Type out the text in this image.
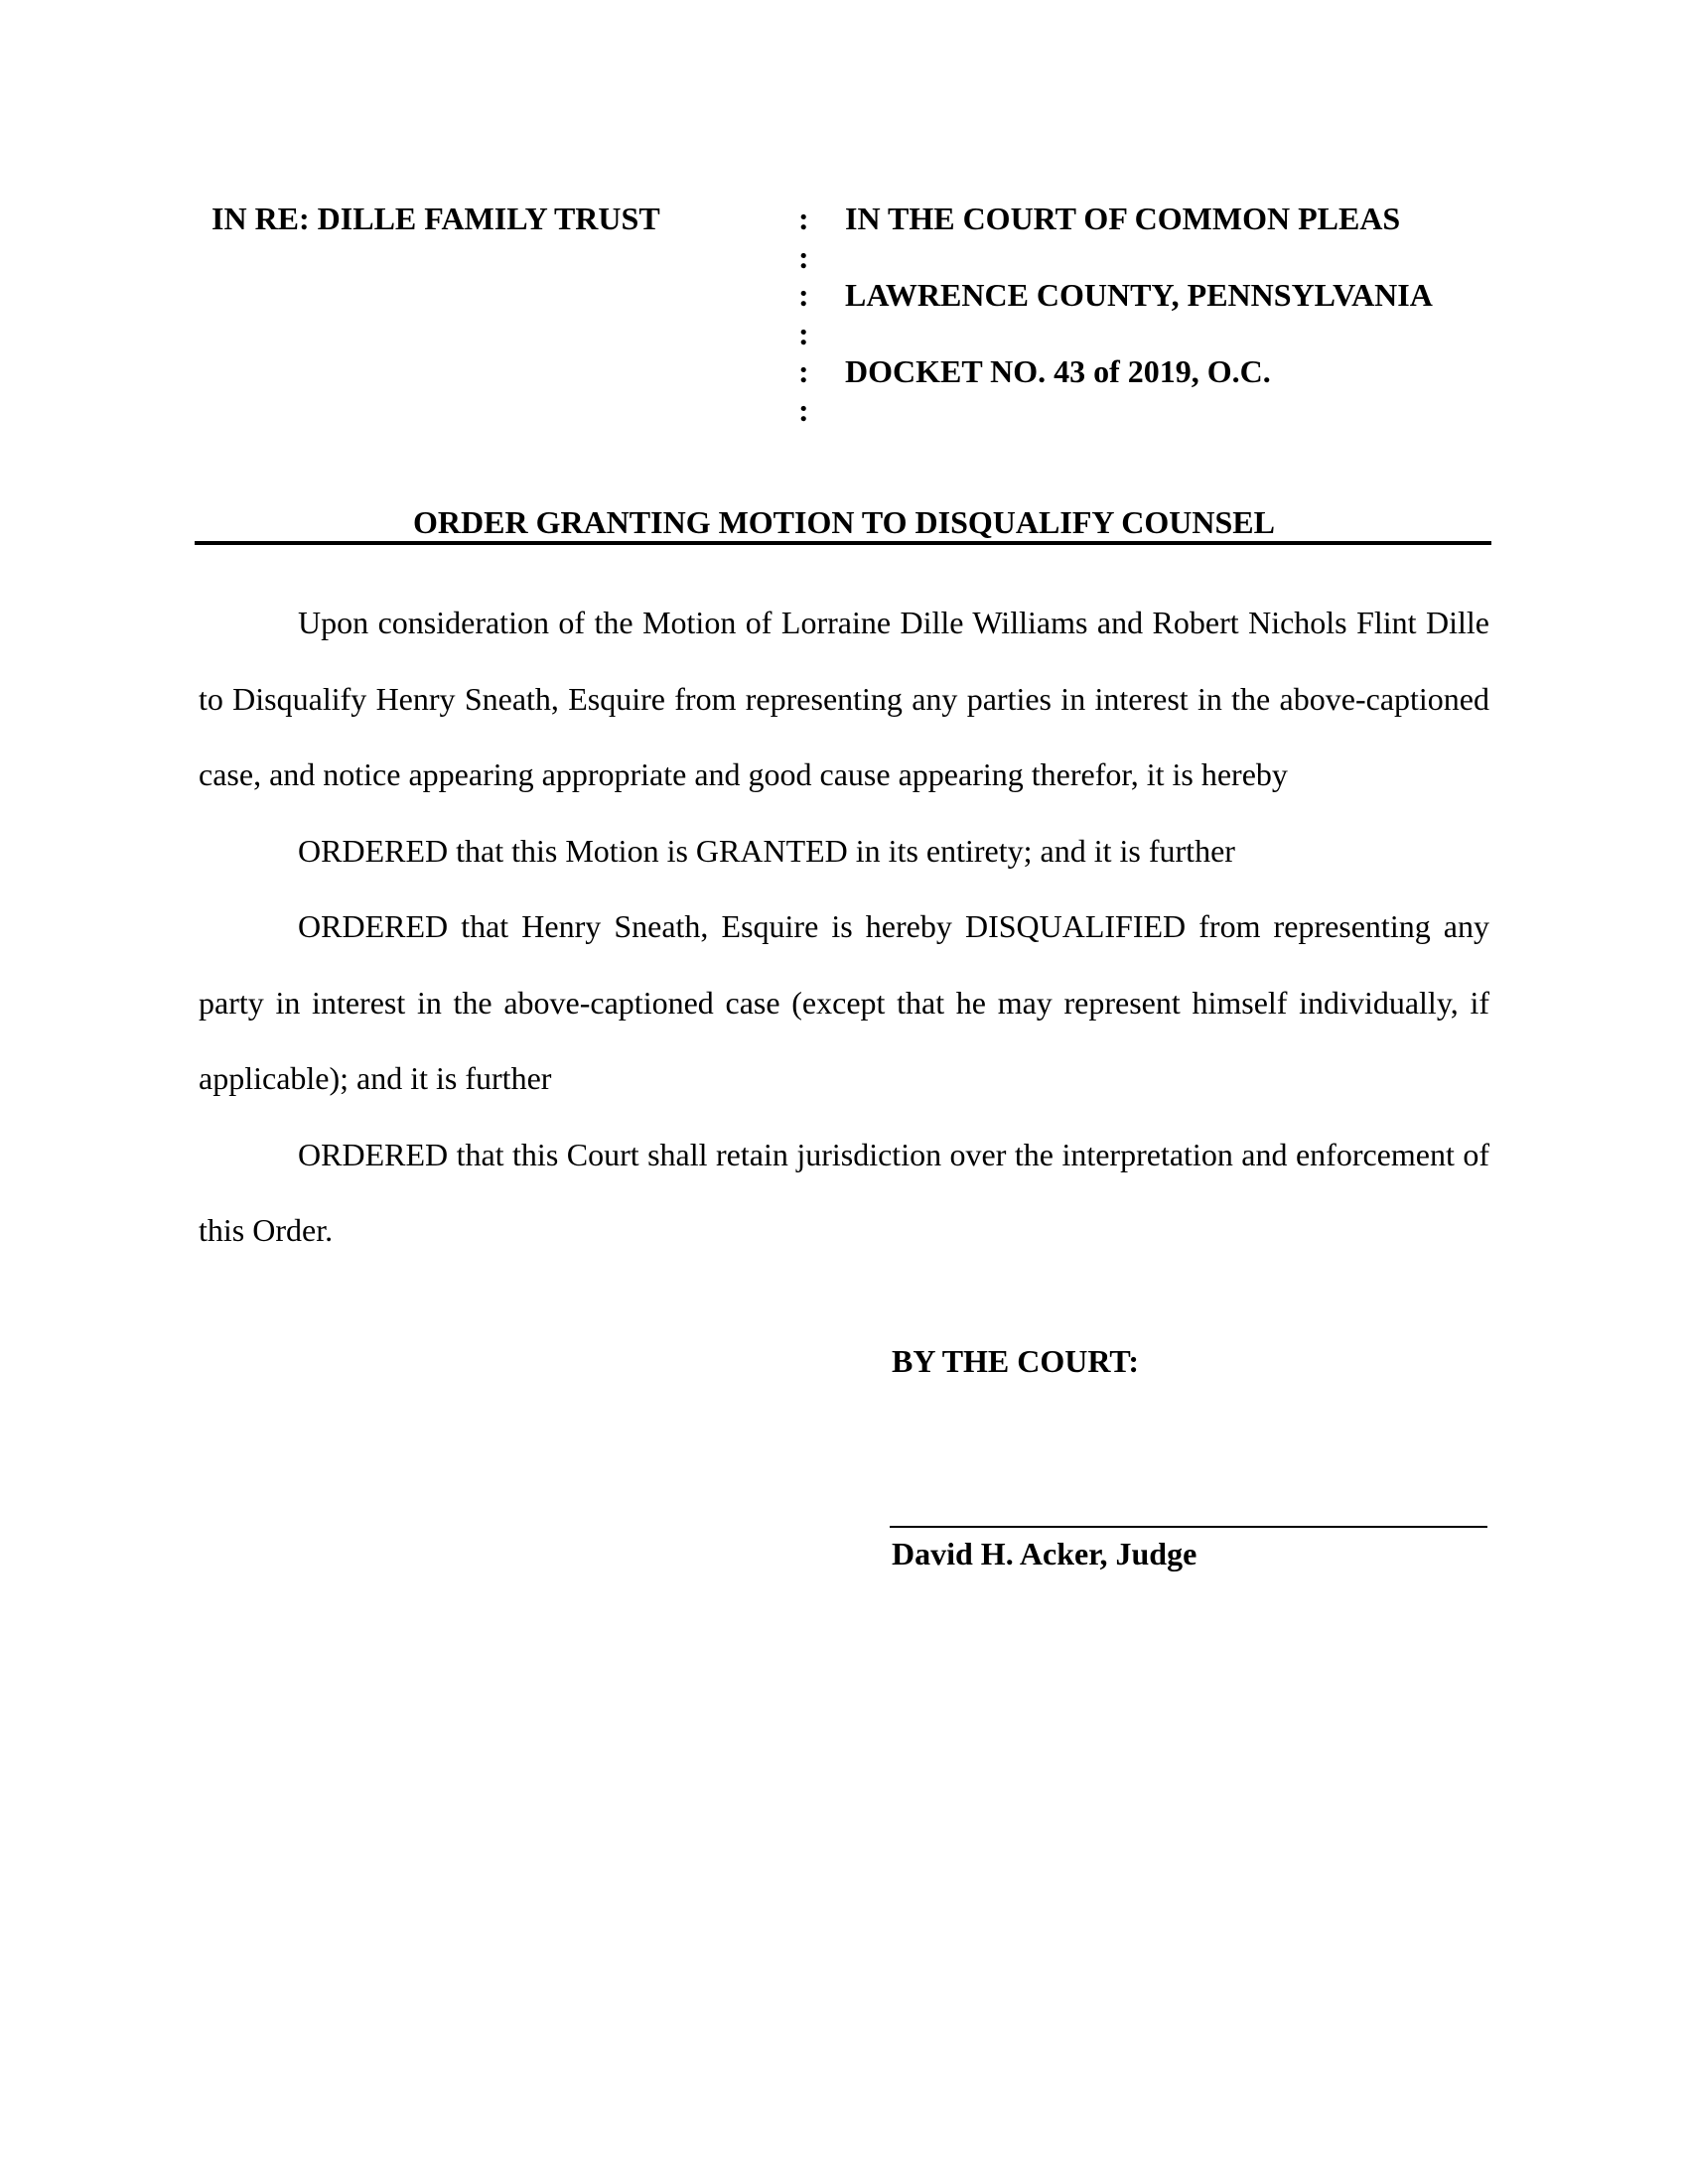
IN RE: DILLE FAMILY TRUST	:
:
:
:
:
:
IN THE COURT OF COMMON PLEAS
LAWRENCE COUNTY, PENNSYLVANIA
DOCKET NO. 43 of 2019, O.C.
ORDER GRANTING MOTION TO DISQUALIFY COUNSEL

Upon consideration of the Motion of Lorraine Dille Williams and Robert Nichols Flint Dille to Disqualify Henry Sneath, Esquire from representing any parties in interest in the above-captioned case, and notice appearing appropriate and good cause appearing therefor, it is hereby

ORDERED that this Motion is GRANTED in its entirety; and it is further

ORDERED that Henry Sneath, Esquire is hereby DISQUALIFIED from representing any party in interest in the above-captioned case (except that he may represent himself individually, if applicable); and it is further

ORDERED that this Court shall retain jurisdiction over the interpretation and enforcement of this Order.

BY THE COURT:
David H. Acker, Judge
